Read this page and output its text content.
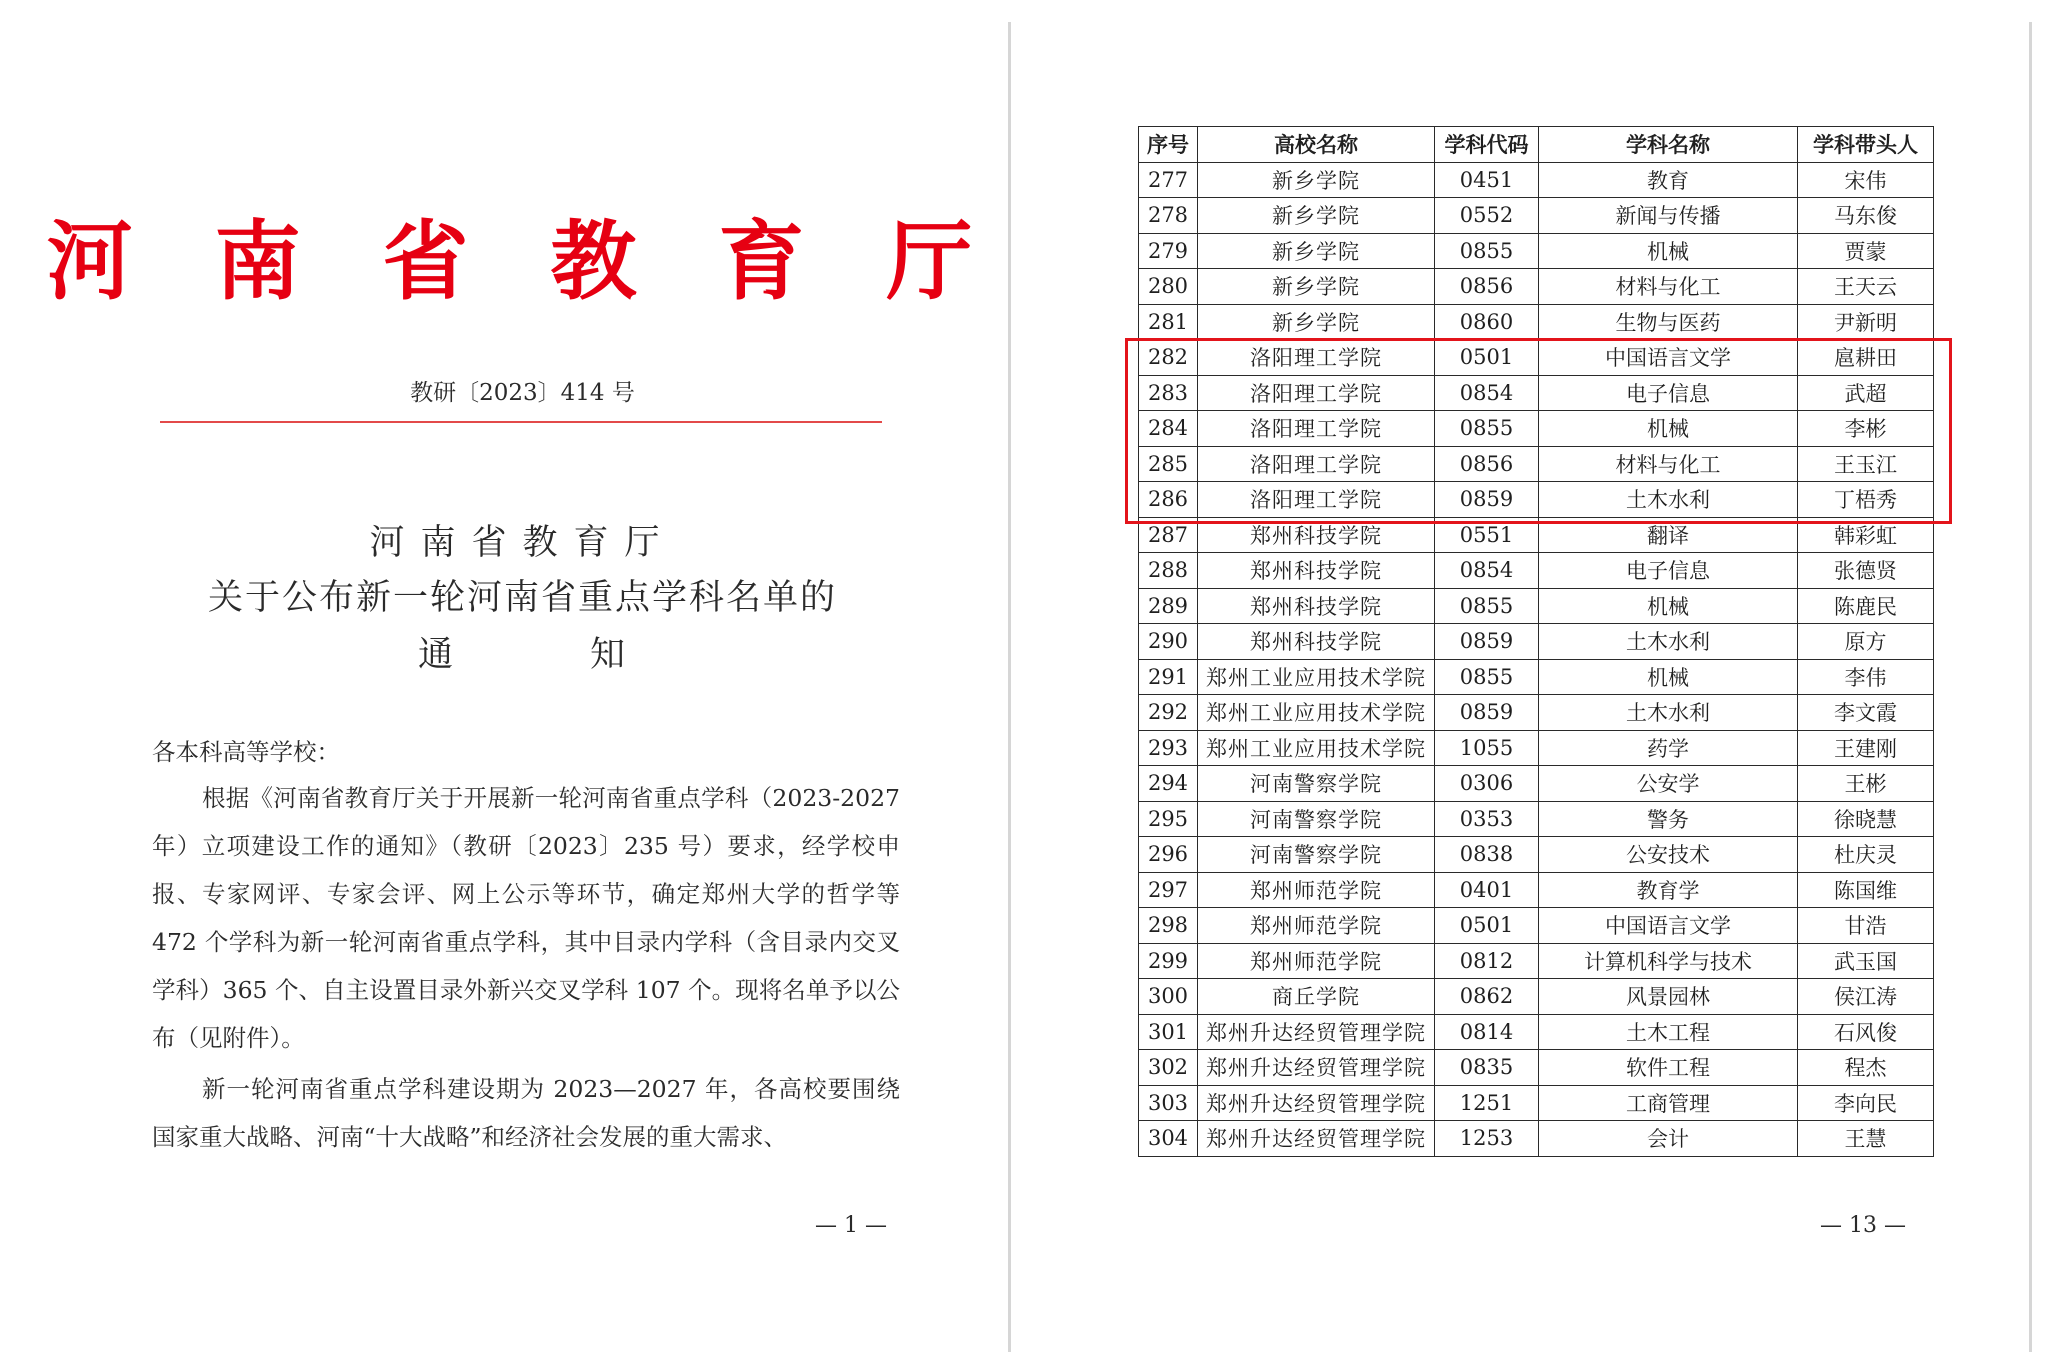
河 南 省 教 育 厅
教研〔2023〕414 号
河南省教育厅
关于公布新一轮河南省重点学科名单的
通	知
各本科高等学校：
根据《河南省教育厅关于开展新一轮河南省重点学科（2023-2027 年）立项建设工作的通知》（教研〔2023〕235 号）要求，经学校申报、专家网评、专家会评、网上公示等环节，确定郑州大学的哲学等 472 个学科为新一轮河南省重点学科，其中目录内学科（含目录内交叉学科）365 个、自主设置目录外新兴交叉学科 107 个。现将名单予以公布（见附件）。
新一轮河南省重点学科建设期为 2023—2027 年，各高校要围绕国家重大战略、河南“十大战略”和经济社会发展的重大需求、
— 1 —
序号	高校名称	学科代码	学科名称	学科带头人
277	新乡学院	0451	教育	宋伟
278	新乡学院	0552	新闻与传播	马东俊
279	新乡学院	0855	机械	贾蒙
280	新乡学院	0856	材料与化工	王天云
281	新乡学院	0860	生物与医药	尹新明
282	洛阳理工学院	0501	中国语言文学	扈耕田
283	洛阳理工学院	0854	电子信息	武超
284	洛阳理工学院	0855	机械	李彬
285	洛阳理工学院	0856	材料与化工	王玉江
286	洛阳理工学院	0859	土木水利	丁梧秀
287	郑州科技学院	0551	翻译	韩彩虹
288	郑州科技学院	0854	电子信息	张德贤
289	郑州科技学院	0855	机械	陈鹿民
290	郑州科技学院	0859	土木水利	原方
291	郑州工业应用技术学院	0855	机械	李伟
292	郑州工业应用技术学院	0859	土木水利	李文霞
293	郑州工业应用技术学院	1055	药学	王建刚
294	河南警察学院	0306	公安学	王彬
295	河南警察学院	0353	警务	徐晓慧
296	河南警察学院	0838	公安技术	杜庆灵
297	郑州师范学院	0401	教育学	陈国维
298	郑州师范学院	0501	中国语言文学	甘浩
299	郑州师范学院	0812	计算机科学与技术	武玉国
300	商丘学院	0862	风景园林	侯江涛
301	郑州升达经贸管理学院	0814	土木工程	石风俊
302	郑州升达经贸管理学院	0835	软件工程	程杰
303	郑州升达经贸管理学院	1251	工商管理	李向民
304	郑州升达经贸管理学院	1253	会计	王慧
— 13 —
